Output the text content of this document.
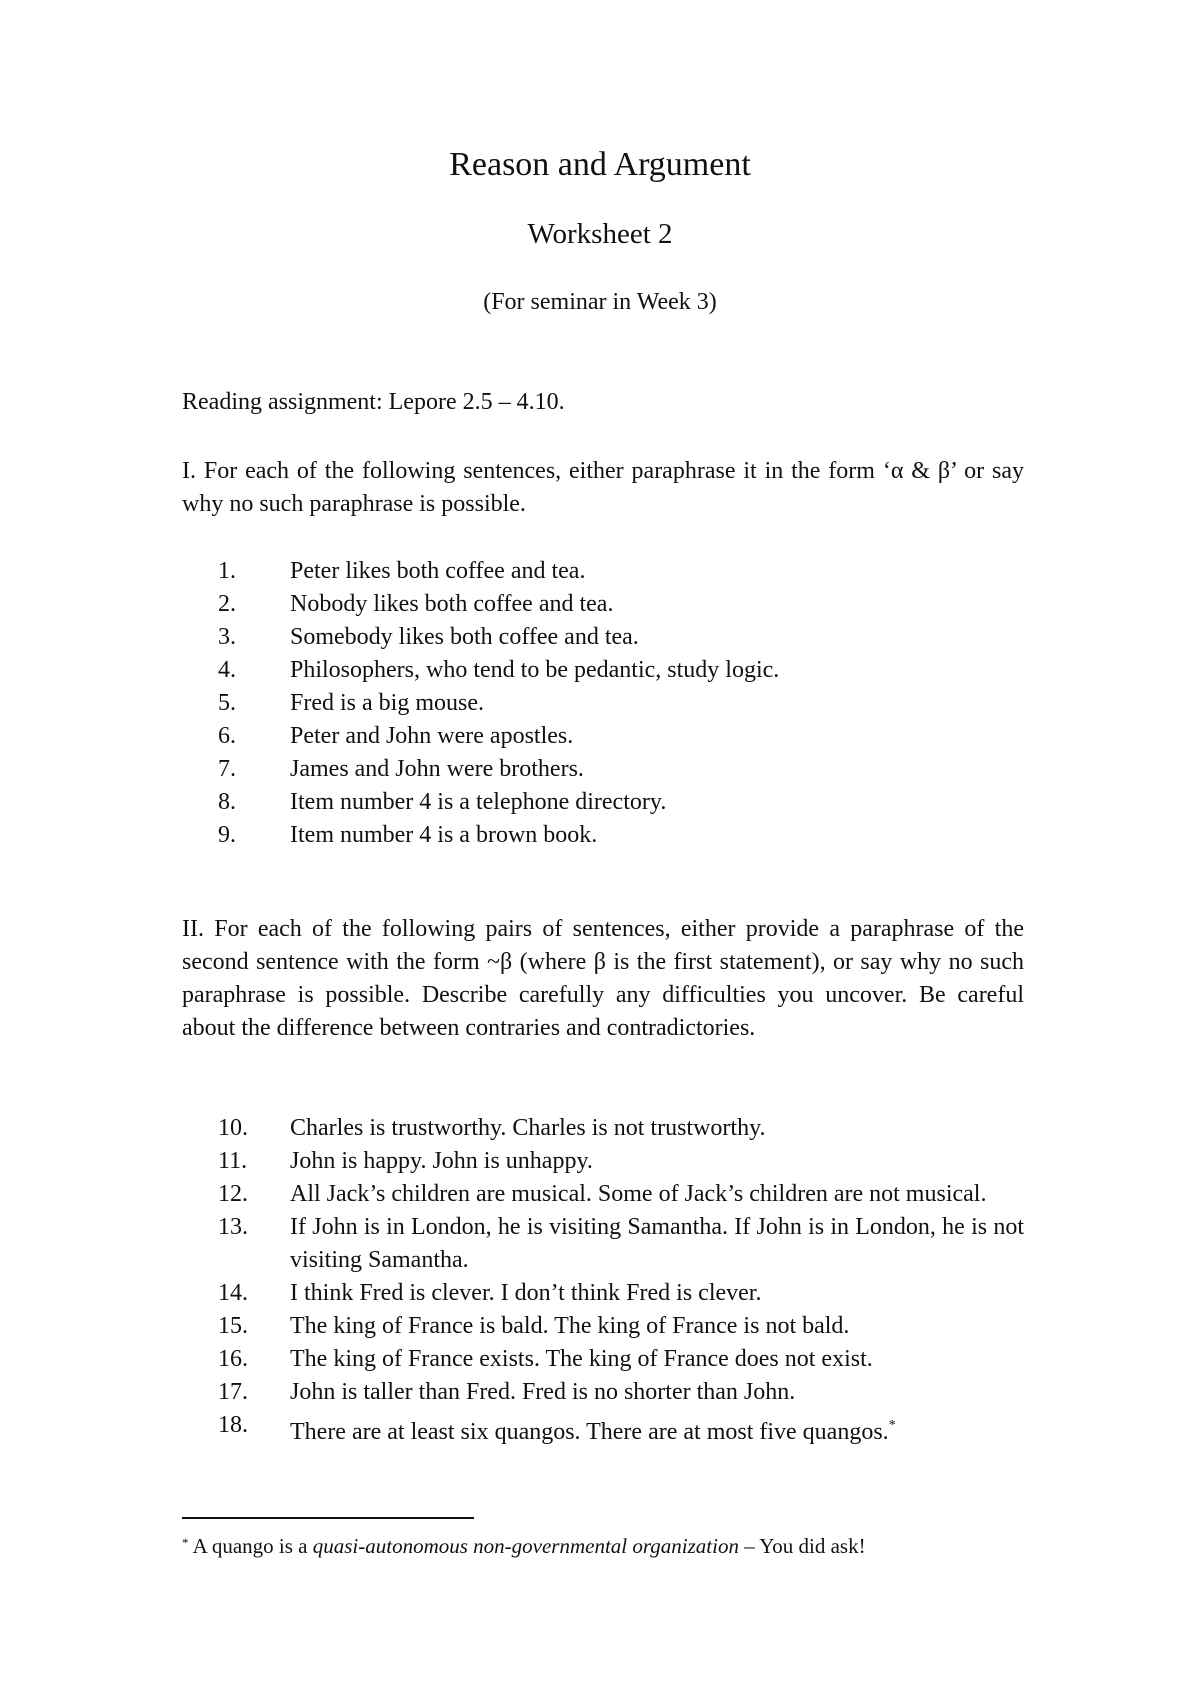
Reason and Argument
Worksheet 2
(For seminar in Week 3)
Reading assignment: Lepore 2.5 – 4.10.
I. For each of the following sentences, either paraphrase it in the form ‘α & β’ or say why no such paraphrase is possible.
1.	Peter likes both coffee and tea.
2.	Nobody likes both coffee and tea.
3.	Somebody likes both coffee and tea.
4.	Philosophers, who tend to be pedantic, study logic.
5.	Fred is a big mouse.
6.	Peter and John were apostles.
7.	James and John were brothers.
8.	Item number 4 is a telephone directory.
9.	Item number 4 is a brown book.
II. For each of the following pairs of sentences, either provide a paraphrase of the second sentence with the form ~β (where β is the first statement), or say why no such paraphrase is possible. Describe carefully any difficulties you uncover. Be careful about the difference between contraries and contradictories.
10.	Charles is trustworthy. Charles is not trustworthy.
11.	John is happy. John is unhappy.
12.	All Jack’s children are musical. Some of Jack’s children are not musical.
13.	If John is in London, he is visiting Samantha. If John is in London, he is not visiting Samantha.
14.	I think Fred is clever. I don’t think Fred is clever.
15.	The king of France is bald. The king of France is not bald.
16.	The king of France exists. The king of France does not exist.
17.	John is taller than Fred. Fred is no shorter than John.
18.	There are at least six quangos. There are at most five quangos.*
* A quango is a quasi-autonomous non-governmental organization – You did ask!
